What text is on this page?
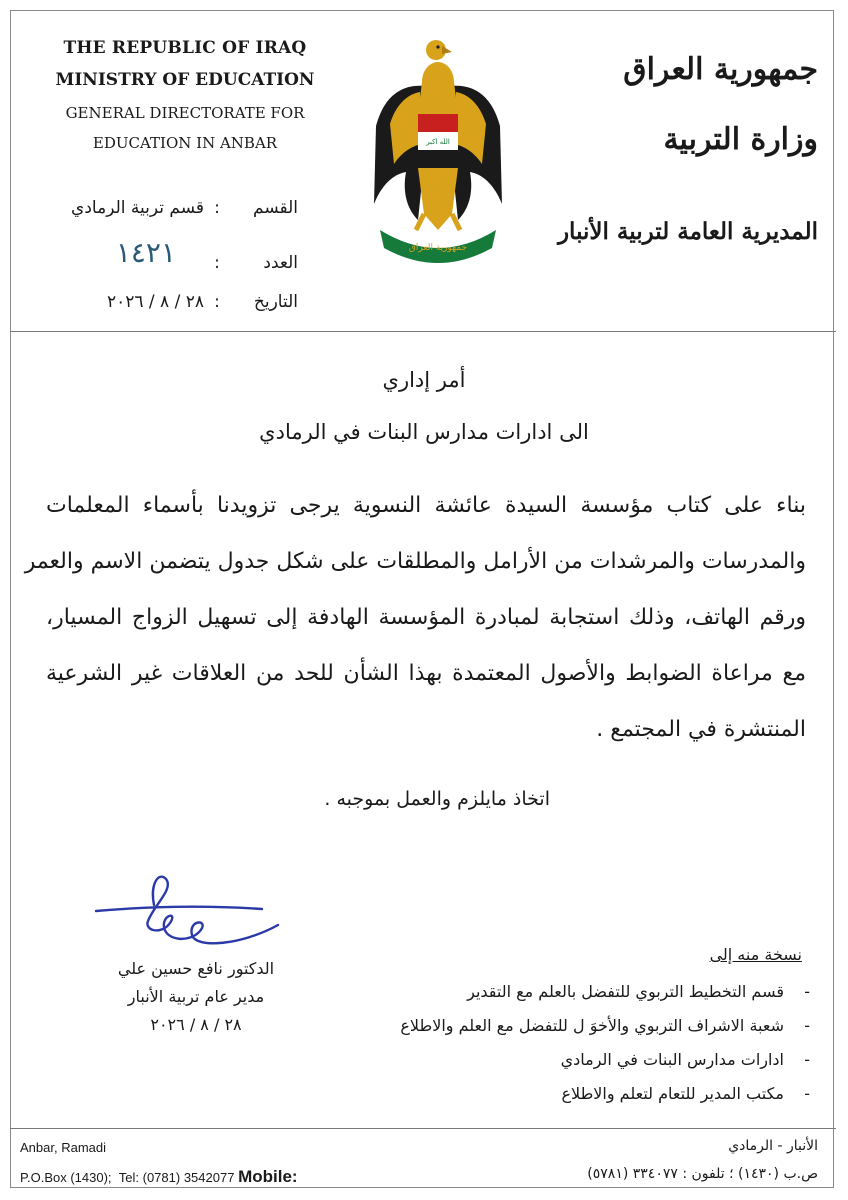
THE REPUBLIC OF IRAQ
MINISTRY OF EDUCATION
GENERAL DIRECTORATE FOR
EDUCATION IN ANBAR
جمهورية العراق
وزارة التربية
المديرية العامة لتربية الأنبار
الله اكبر
جمهورية العراق
القسم:قسم تربية الرمادي
العدد:١٤٢١
التاريخ:٢٨ / ٨ / ٢٠٢٦
أمر إداري
الى ادارات مدارس البنات في الرمادي
بناء على كتاب مؤسسة السيدة عائشة النسوية يرجى تزويدنا بأسماء المعلمات
والمدرسات والمرشدات من الأرامل والمطلقات على شكل جدول يتضمن الاسم والعمر
ورقم الهاتف، وذلك استجابة لمبادرة المؤسسة الهادفة إلى تسهيل الزواج المسيار،
مع مراعاة الضوابط والأصول المعتمدة بهذا الشأن للحد من العلاقات غير الشرعية
المنتشرة في المجتمع .
اتخاذ مايلزم والعمل بموجبه .
الدكتور نافع حسين علي
مدير عام تربية الأنبار
٢٨ / ٨ / ٢٠٢٦
نسخة منه إلى
-قسم التخطيط التربوي للتفضل بالعلم مع التقدير
-شعبة الاشراف التربوي والأخوَ ل للتفضل مع العلم والاطلاع
-ادارات مدارس البنات في الرمادي
-مكتب المدير للتعام لتعلم والاطلاع
Anbar, Ramadi
P.O.Box (1430); Tel: (0781) 3542077 Mobile:
الأنبار - الرمادي
ص.ب (١٤٣٠) ؛ تلفون : ٣٣٤٠٧٧ (٥٧٨١)
